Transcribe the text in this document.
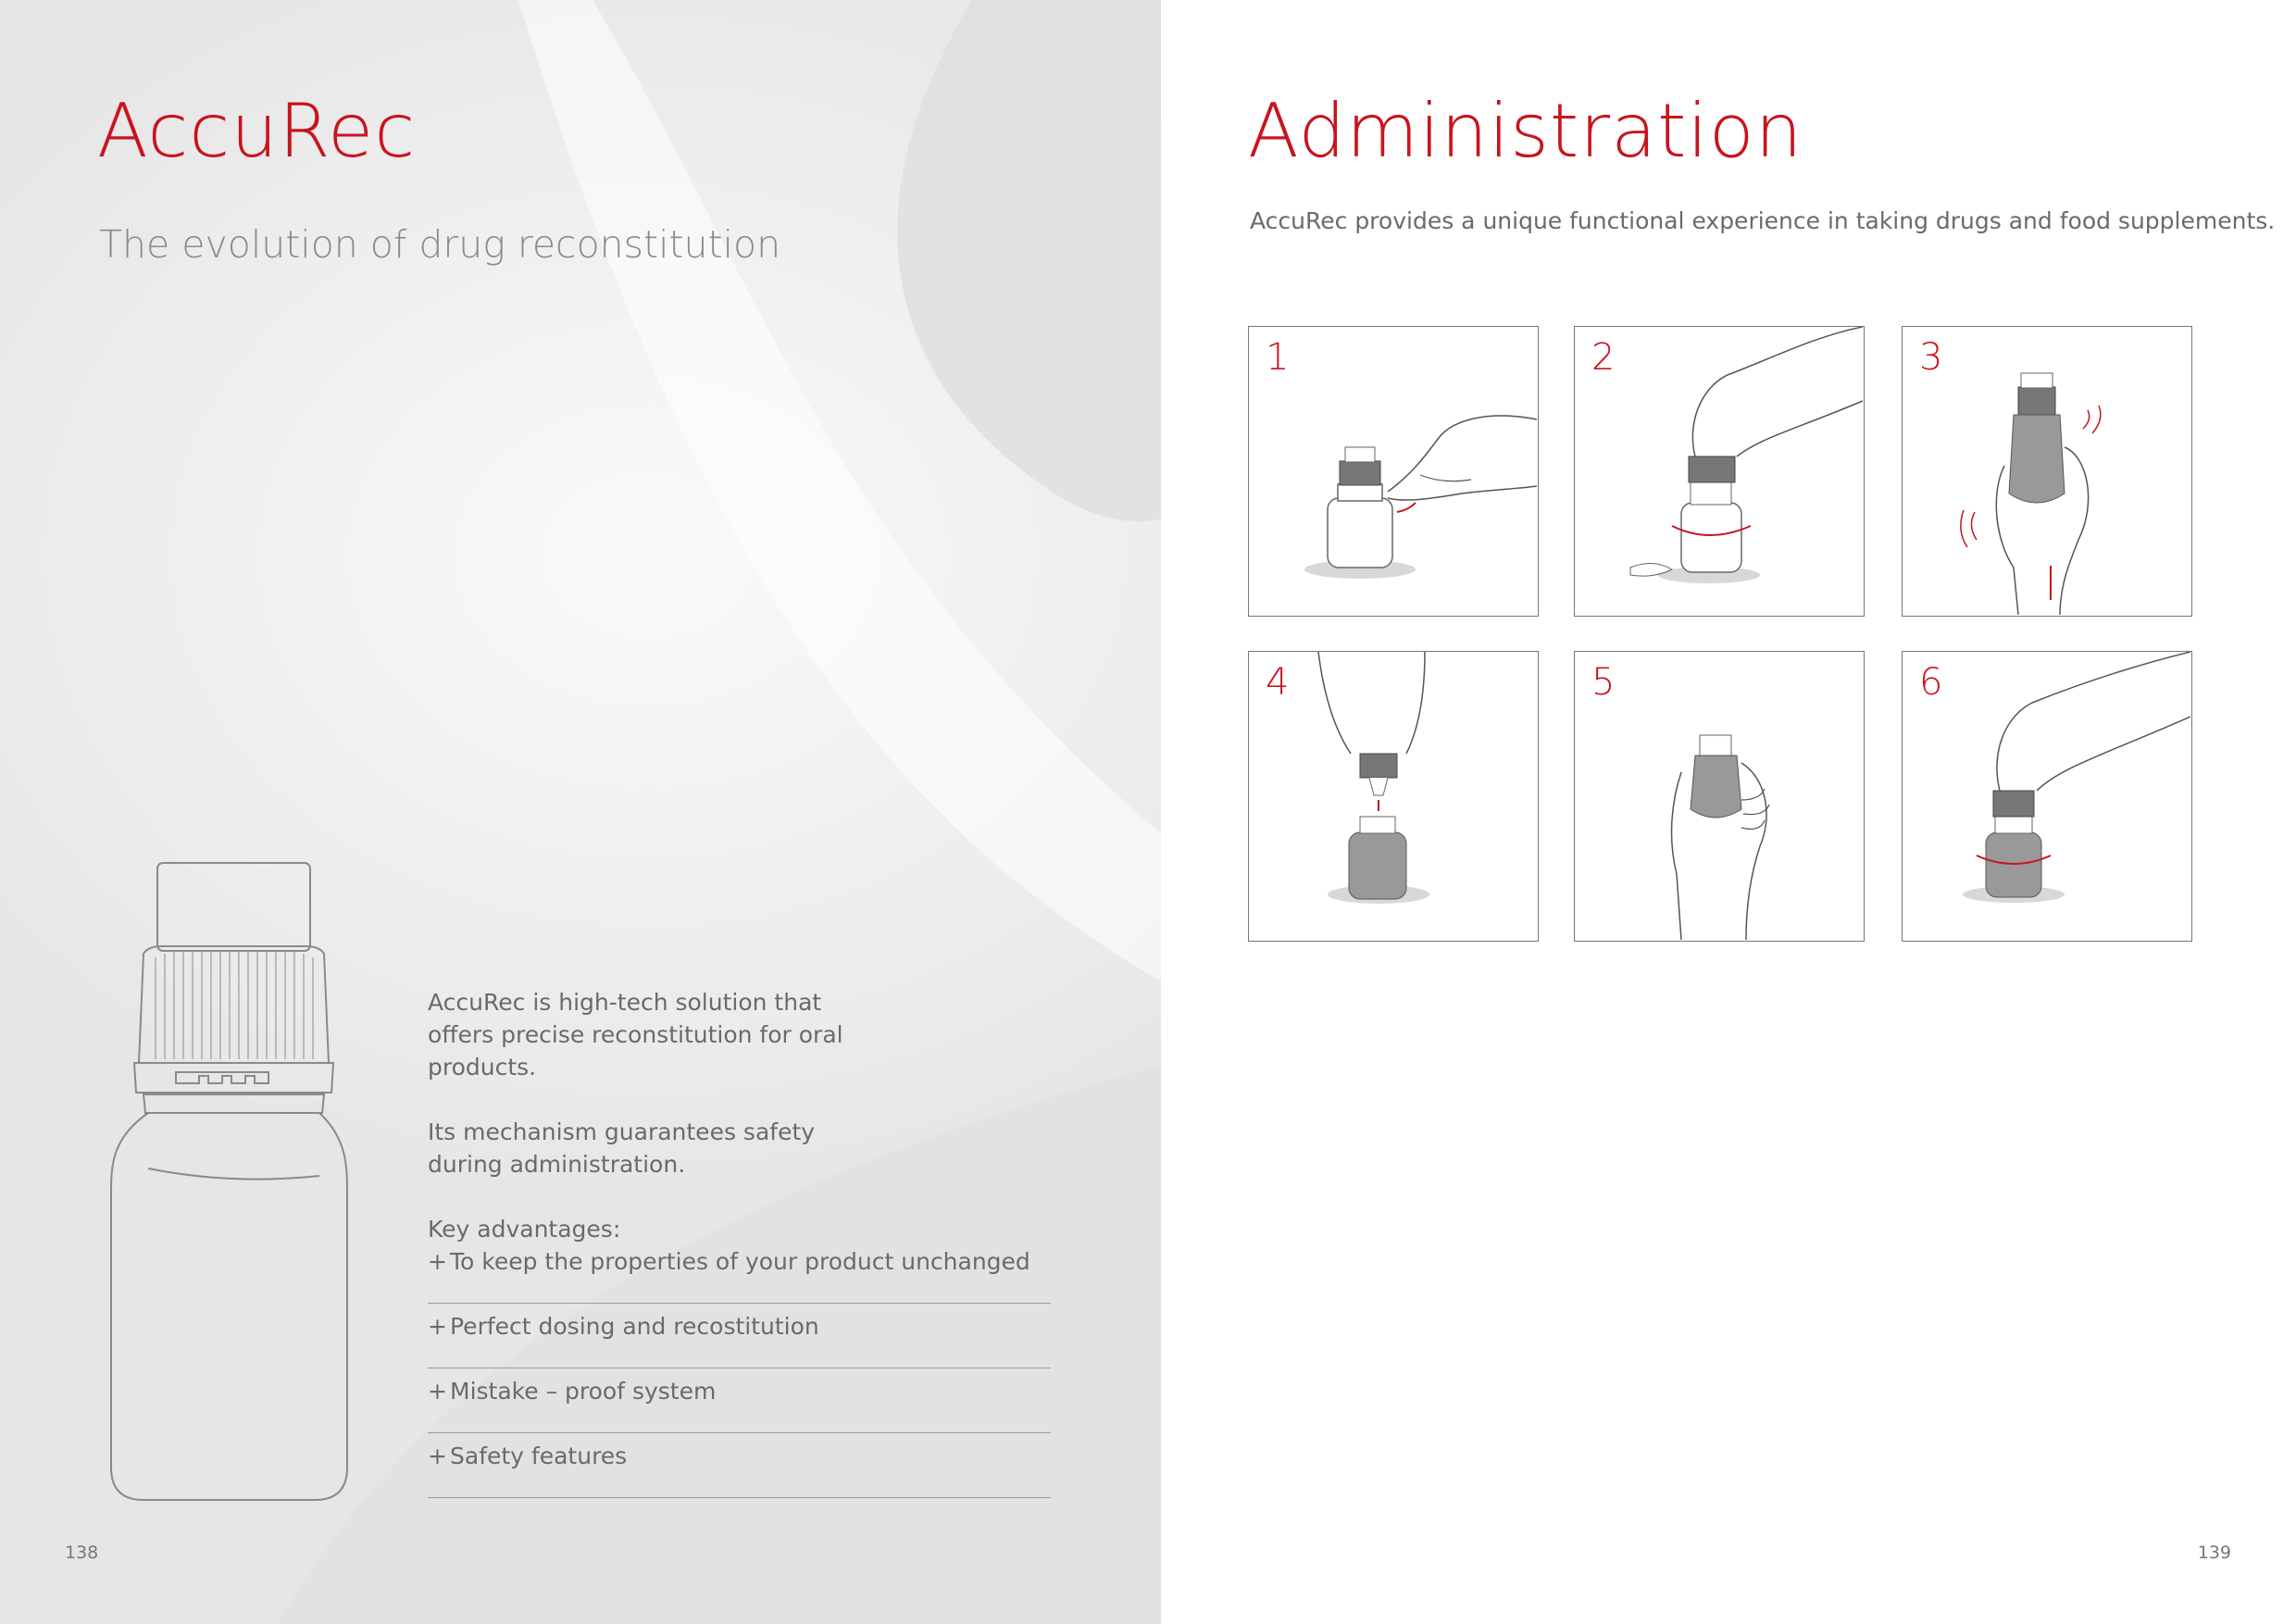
AccuRec
The evolution of drug reconstitution

AccuRec is high-tech solution that offers precise reconstitution for oral products.

Its mechanism guarantees safety during administration.

Key advantages:

+ To keep the properties of your product unchanged
+ Perfect dosing and recostitution
+ Mistake – proof system
+ Safety features
138
Administration

AccuRec provides a unique functional experience in taking drugs and food supplements.

1	2	3
4	5	6
139
